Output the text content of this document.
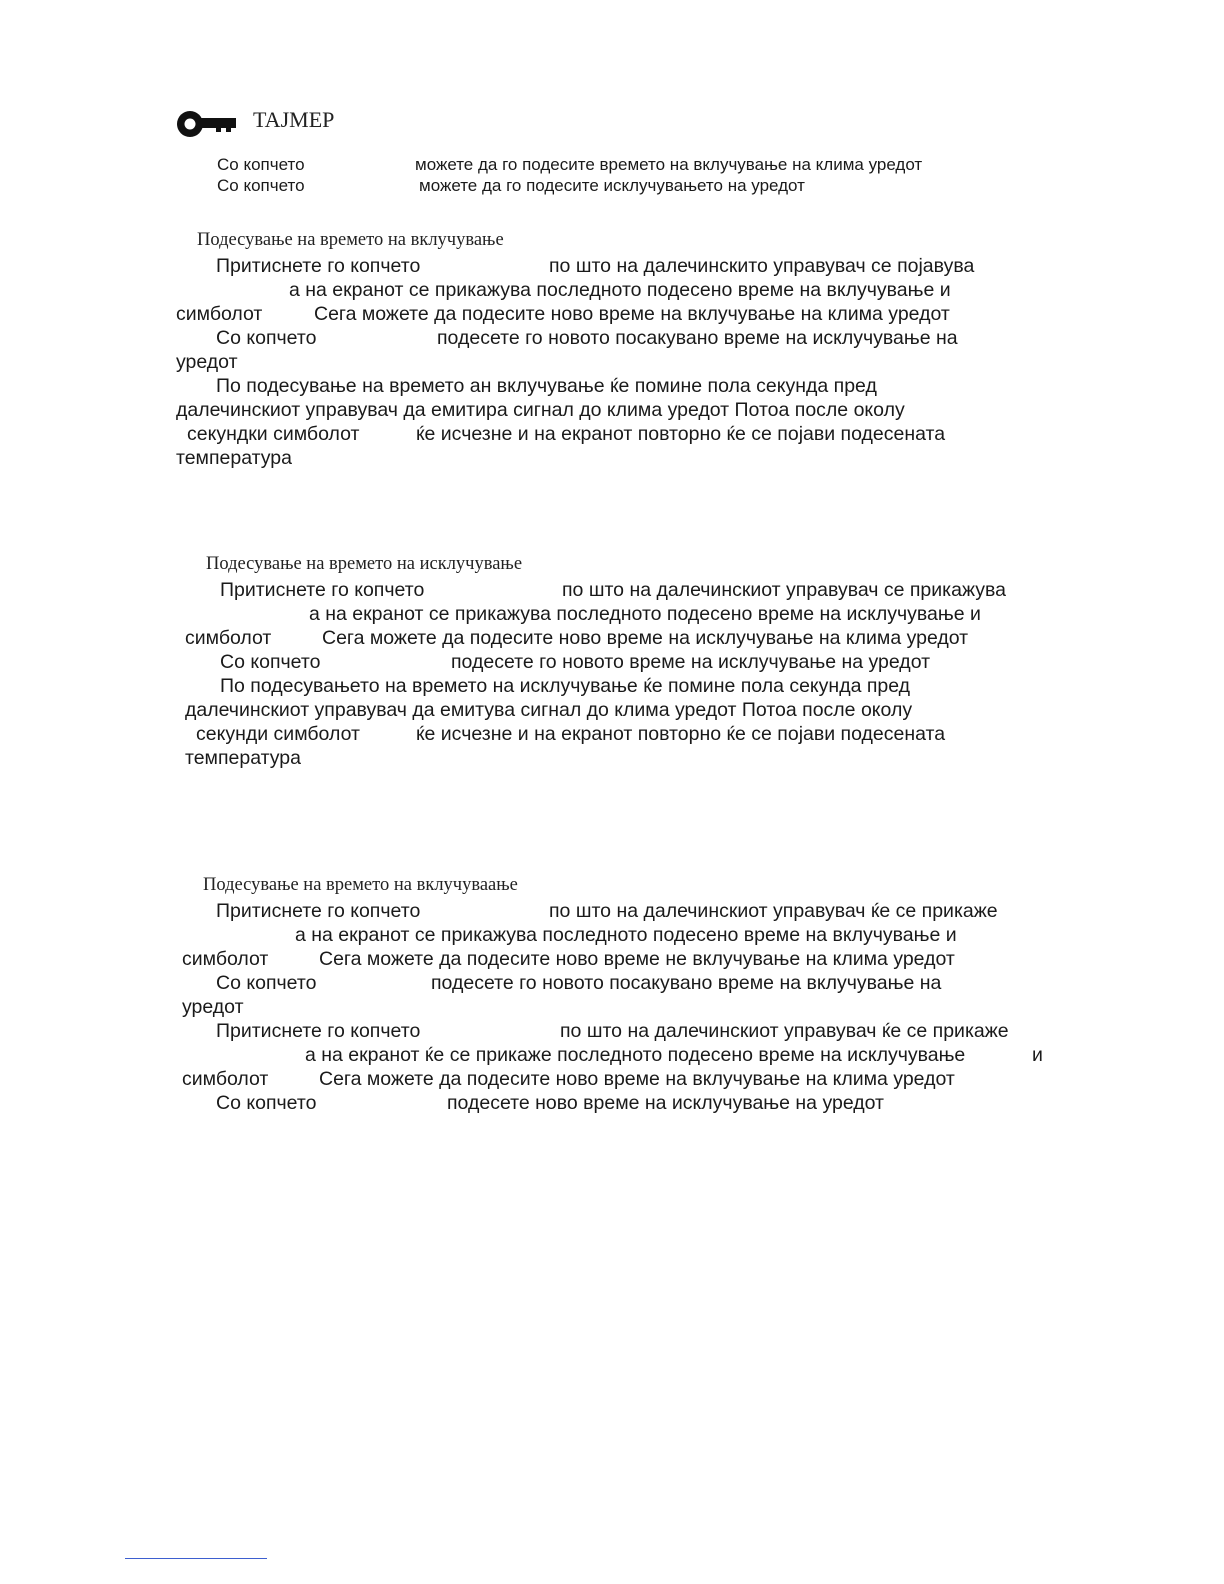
TAJMEP
Со копчето	можете да го подесите времето на вклучување на клима уредот
Со копчето	можете да го подесите исклучувањето на уредот
Подесување на времето на вклучување
Притиснете го копчето	по што на далечинскито управувач се појавува
а на екранот се прикажува последното подесено време на вклучување и
симболот	Сега можете да подесите ново време на вклучување на клима уредот
Со копчето	подесете го новото посакувано време на исклучување на
уредот
По подесување на времето ан вклучување ќе помине пола секунда пред
далечинскиот управувач да емитира сигнал до клима уредот Потоа после околу
секундки симболот	ќе исчезне и на екранот повторно ќе се појави подесената
температура
Подесување на времето на исклучување
Притиснете го копчето	по што на далечинскиот управувач се прикажува
а на екранот се прикажува последното подесено време на исклучување и
симболот	Сега можете да подесите ново време на исклучување на клима уредот
Со копчето	подесете го новото време на исклучување на уредот
По подесувањето на времето на исклучување ќе помине пола секунда пред
далечинскиот управувач да емитува сигнал до клима уредот Потоа после околу
секунди симболот	ќе исчезне и на екранот повторно ќе се појави подесената
температура
Подесување на времето на вклучуваање
Притиснете го копчето	по што на далечинскиот управувач ќе се прикаже
а на екранот се прикажува последното подесено време на вклучување и
симболот	Сега можете да подесите ново време не вклучување на клима уредот
Со копчето	подесете го новото посакувано време на вклучување на
уредот
Притиснете го копчето	по што на далечинскиот управувач ќе се прикаже
а на екранот ќе се прикаже последното подесено време на исклучување	и
симболот	Сега можете да подесите ново време на вклучување на клима уредот
Со копчето	подесете ново време на исклучување на уредот
